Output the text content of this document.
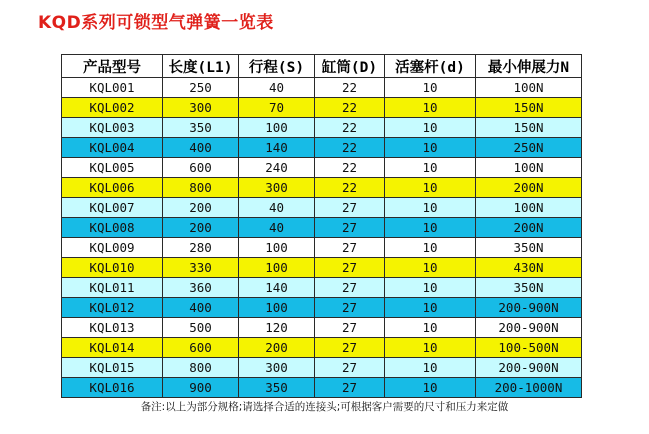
KQD系列可锁型气弹簧一览表
产品型号	长度(L1)	行程(S)	缸筒(D)	活塞杆(d)	最小伸展力N
KQL001	250	40	22	10	100N
KQL002	300	70	22	10	150N
KQL003	350	100	22	10	150N
KQL004	400	140	22	10	250N
KQL005	600	240	22	10	100N
KQL006	800	300	22	10	200N
KQL007	200	40	27	10	100N
KQL008	200	40	27	10	200N
KQL009	280	100	27	10	350N
KQL010	330	100	27	10	430N
KQL011	360	140	27	10	350N
KQL012	400	100	27	10	200-900N
KQL013	500	120	27	10	200-900N
KQL014	600	200	27	10	100-500N
KQL015	800	300	27	10	200-900N
KQL016	900	350	27	10	200-1000N
备注:以上为部分规格;请选择合适的连接头;可根据客户需要的尺寸和压力来定做
